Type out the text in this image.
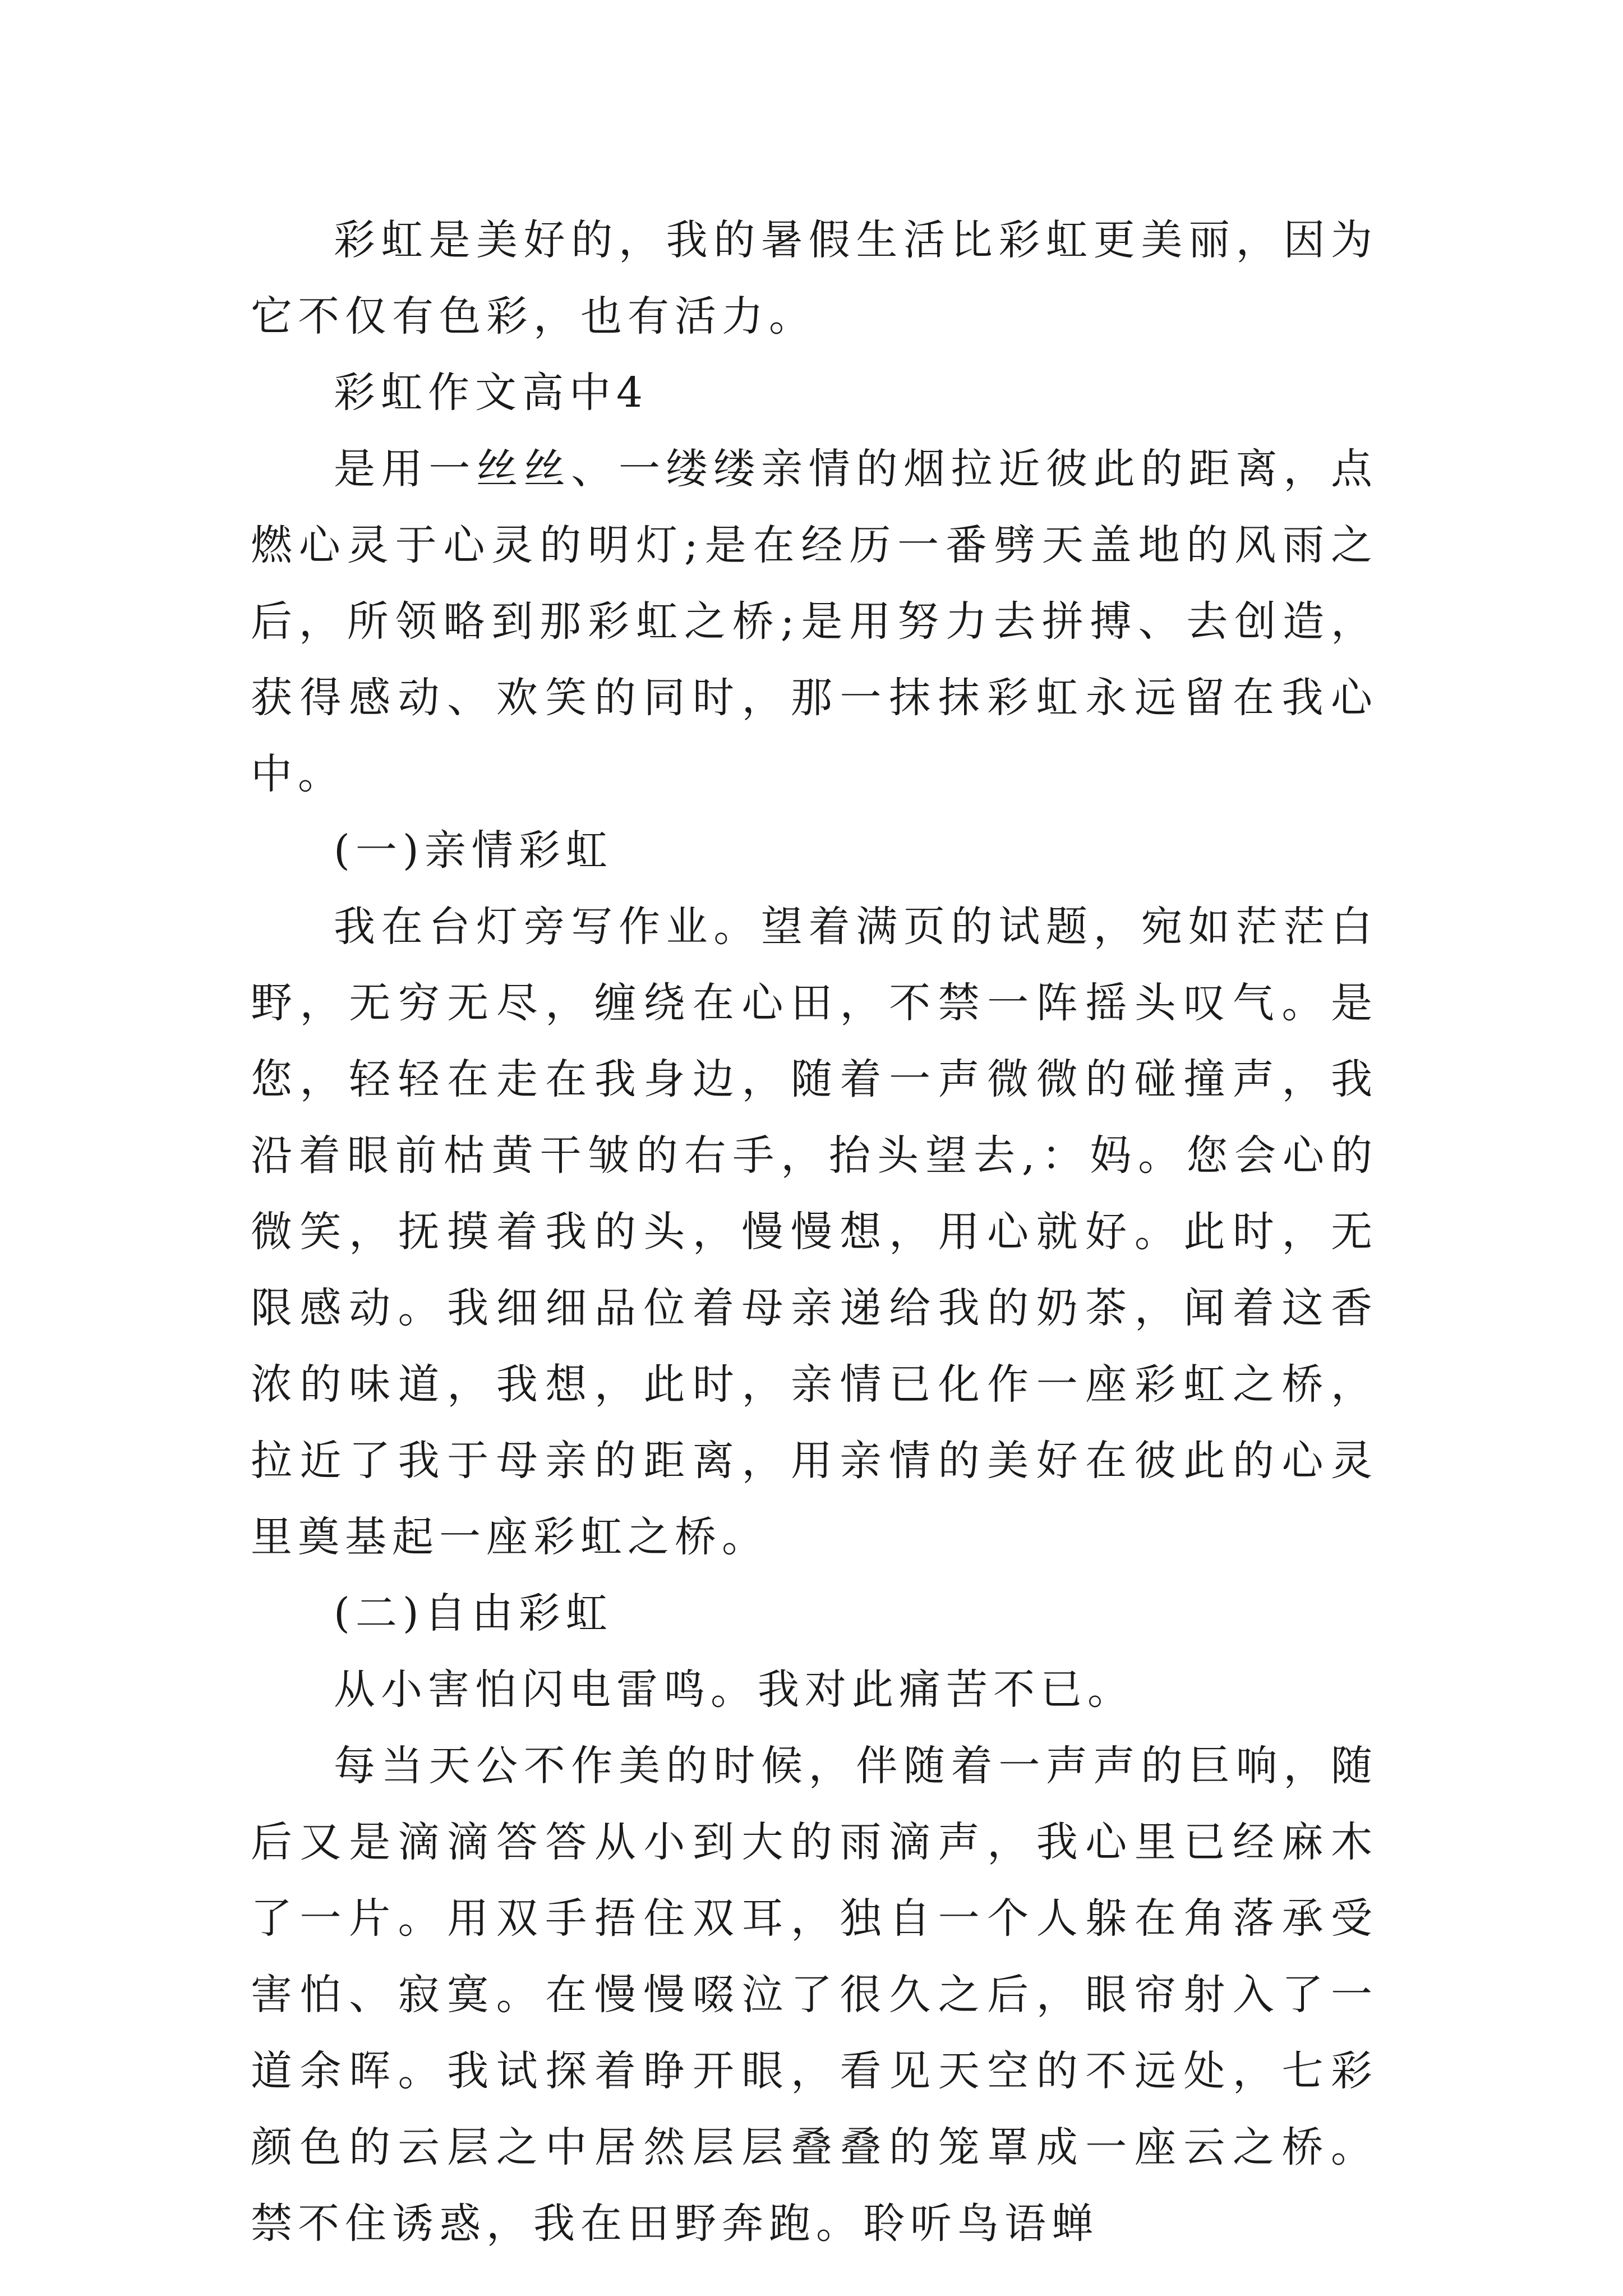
彩虹是美好的，我的暑假生活比彩虹更美丽，因为它不仅有色彩，也有活力。

彩虹作文高中4

是用一丝丝、一缕缕亲情的烟拉近彼此的距离，点燃心灵于心灵的明灯;是在经历一番劈天盖地的风雨之后，所领略到那彩虹之桥;是用努力去拼搏、去创造，获得感动、欢笑的同时，那一抹抹彩虹永远留在我心中。

(一)亲情彩虹

我在台灯旁写作业。望着满页的试题，宛如茫茫白野，无穷无尽，缠绕在心田，不禁一阵摇头叹气。是您，轻轻在走在我身边，随着一声微微的碰撞声，我沿着眼前枯黄干皱的右手，抬头望去,：妈。您会心的微笑，抚摸着我的头，慢慢想，用心就好。此时，无限感动。我细细品位着母亲递给我的奶茶，闻着这香浓的味道，我想，此时，亲情已化作一座彩虹之桥，拉近了我于母亲的距离，用亲情的美好在彼此的心灵里奠基起一座彩虹之桥。

(二)自由彩虹

从小害怕闪电雷鸣。我对此痛苦不已。

每当天公不作美的时候，伴随着一声声的巨响，随后又是滴滴答答从小到大的雨滴声，我心里已经麻木了一片。用双手捂住双耳，独自一个人躲在角落承受害怕、寂寞。在慢慢啜泣了很久之后，眼帘射入了一道余晖。我试探着睁开眼，看见天空的不远处，七彩颜色的云层之中居然层层叠叠的笼罩成一座云之桥。禁不住诱惑，我在田野奔跑。聆听鸟语蝉
